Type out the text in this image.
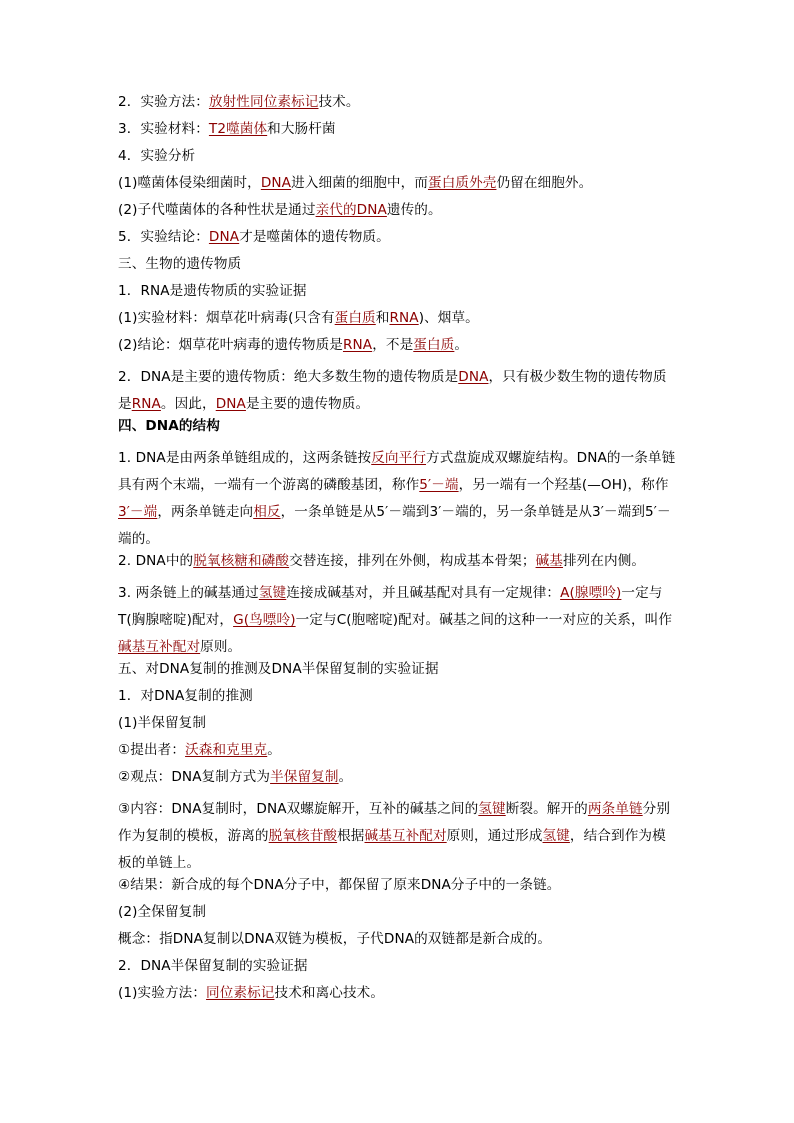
2．实验方法： 放射性同位素标记 技术。
3．实验材料： T2噬菌体 和大肠杆菌
4．实验分析
(1)噬菌体侵染细菌时， DNA 进入细菌的细胞中，而 蛋白质外壳 仍留在细胞外。
(2)子代噬菌体的各种性状是通过 亲代的DNA 遗传的。
5．实验结论： DNA 才是噬菌体的遗传物质。
三、生物的遗传物质
1．RNA是遗传物质的实验证据
(1)实验材料：烟草花叶病毒(只含有 蛋白质 和 RNA )、烟草。
(2)结论：烟草花叶病毒的遗传物质是 RNA ，不是 蛋白质 。
2．DNA是主要的遗传物质：绝大多数生物的遗传物质是DNA，只有极少数生物的遗传物质是RNA。因此，DNA是主要的遗传物质。
四、DNA的结构
1. DNA是由两条单链组成的，这两条链按反向平行方式盘旋成双螺旋结构。DNA的一条单链具有两个末端，一端有一个游离的磷酸基团，称作5′－端，另一端有一个羟基(—OH)，称作3′－端，两条单链走向相反，一条单链是从5′－端到3′－端的，另一条单链是从3′－端到5′－端的。
2. DNA中的 脱氧核糖和磷酸 交替连接，排列在外侧，构成基本骨架； 碱基 排列在内侧。
3. 两条链上的碱基通过氢键连接成碱基对，并且碱基配对具有一定规律：A(腺嘌呤)一定与T(胸腺嘧啶)配对，G(鸟嘌呤)一定与C(胞嘧啶)配对。碱基之间的这种一一对应的关系，叫作碱基互补配对原则。
五、对DNA复制的推测及DNA半保留复制的实验证据
1．对DNA复制的推测
(1)半保留复制
①提出者： 沃森和克里克 。
②观点：DNA复制方式为 半保留复制 。
③内容：DNA复制时，DNA双螺旋解开，互补的碱基之间的氢键断裂。解开的两条单链分别作为复制的模板，游离的脱氧核苷酸根据碱基互补配对原则，通过形成氢键，结合到作为模板的单链上。
④结果：新合成的每个DNA分子中，都保留了原来DNA分子中的一条链。
(2)全保留复制
概念：指DNA复制以DNA双链为模板，子代DNA的双链都是新合成的。
2．DNA半保留复制的实验证据
(1)实验方法： 同位素标记 技术和离心技术。
